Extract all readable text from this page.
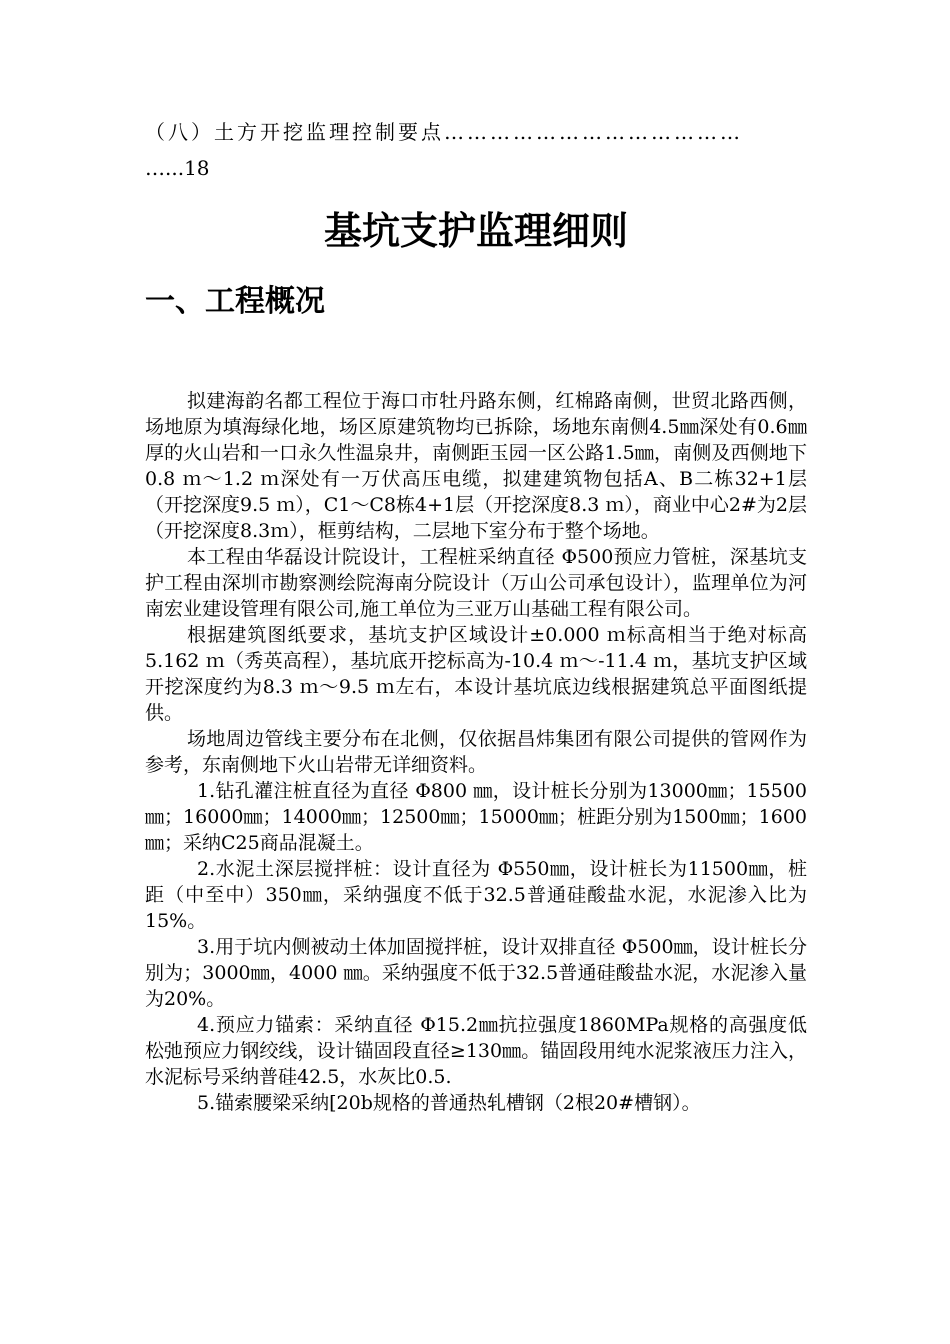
（八）土方开挖监理控制要点…………………………………
…...18
基坑支护监理细则
一、工程概况

拟建海韵名都工程位于海口市牡丹路东侧，红棉路南侧，世贸北路西侧，场地原为填海绿化地，场区原建筑物均已拆除，场地东南侧4.5㎜深处有0.6㎜厚的火山岩和一口永久性温泉井，南侧距玉园一区公路1.5㎜，南侧及西侧地下0.8 ｍ～1.2 ｍ深处有一万伏高压电缆，拟建建筑物包括A、B二栋32+1层（开挖深度9.5 ｍ），C1～C8栋4+1层（开挖深度8.3 ｍ），商业中心2#为2层（开挖深度8.3ｍ），框剪结构，二层地下室分布于整个场地。

本工程由华磊设计院设计，工程桩采纳直径 Φ500预应力管桩，深基坑支护工程由深圳市勘察测绘院海南分院设计（万山公司承包设计），监理单位为河南宏业建设管理有限公司,施工单位为三亚万山基础工程有限公司。

根据建筑图纸要求，基坑支护区域设计±0.000 ｍ标高相当于绝对标高5.162 ｍ（秀英高程），基坑底开挖标高为-10.4 ｍ～-11.4 ｍ，基坑支护区域开挖深度约为8.3 ｍ～9.5 ｍ左右，本设计基坑底边线根据建筑总平面图纸提供。

场地周边管线主要分布在北侧，仅依据昌炜集团有限公司提供的管网作为参考，东南侧地下火山岩带无详细资料。

1.钻孔灌注桩直径为直径 Φ800 ㎜，设计桩长分别为13000㎜；15500㎜；16000㎜；14000㎜；12500㎜；15000㎜；桩距分别为1500㎜；1600㎜；采纳C25商品混凝土。

2.水泥土深层搅拌桩：设计直径为 Φ550㎜，设计桩长为11500㎜，桩距（中至中）350㎜，采纳强度不低于32.5普通硅酸盐水泥，水泥渗入比为15%。

3.用于坑内侧被动土体加固搅拌桩，设计双排直径 Φ500㎜，设计桩长分别为；3000㎜，4000 ㎜。采纳强度不低于32.5普通硅酸盐水泥，水泥渗入量为20%。

4.预应力锚索：采纳直径 Φ15.2㎜抗拉强度1860MPa规格的高强度低松弛预应力钢绞线，设计锚固段直径≥130㎜。锚固段用纯水泥浆液压力注入，水泥标号采纳普硅42.5，水灰比0.5.

5.锚索腰梁采纳[20b规格的普通热轧槽钢（2根20#槽钢）。
